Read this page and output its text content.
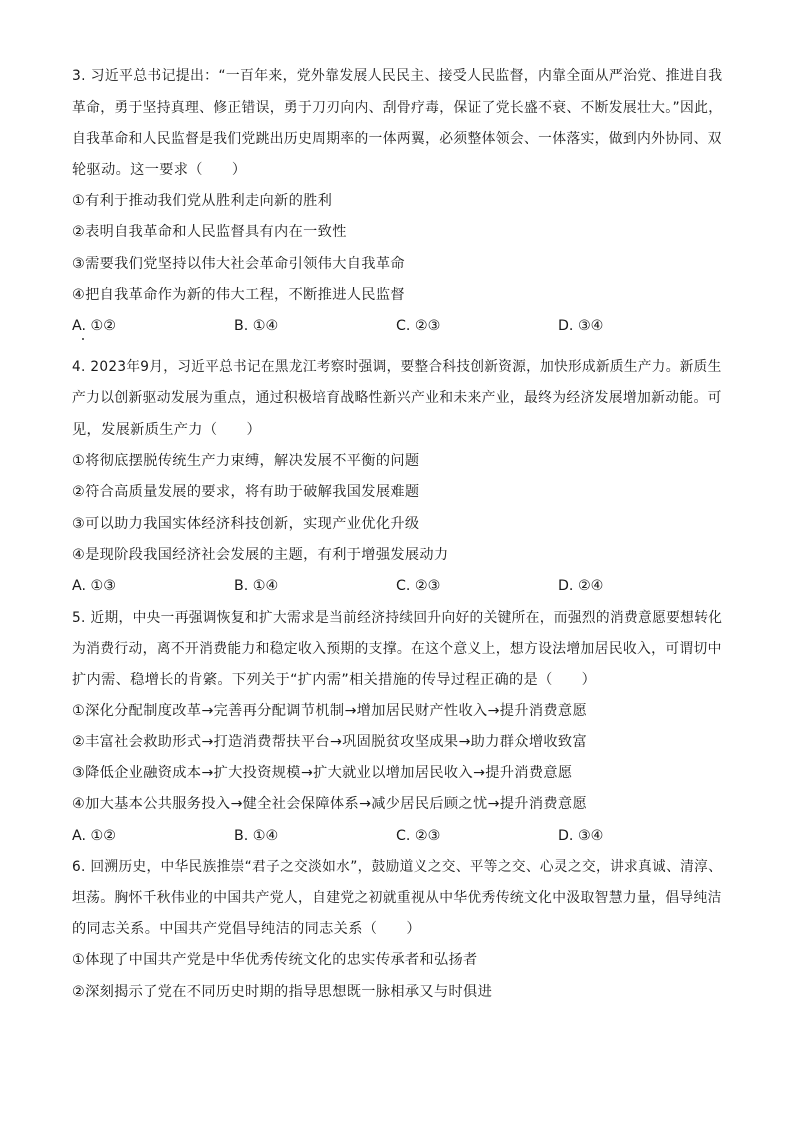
3. 习近平总书记提出：“一百年来，党外靠发展人民民主、接受人民监督，内靠全面从严治党、推进自我
革命，勇于坚持真理、修正错误，勇于刀刃向内、刮骨疗毒，保证了党长盛不衰、不断发展壮大。”因此，
自我革命和人民监督是我们党跳出历史周期率的一体两翼，必须整体领会、一体落实，做到内外协同、双
轮驱动。这一要求（　　）
①有利于推动我们党从胜利走向新的胜利
②表明自我革命和人民监督具有内在一致性
③需要我们党坚持以伟大社会革命引领伟大自我革命
④把自我革命作为新的伟大工程，不断推进人民监督
A. ①②	B. ①④	C. ②③	D. ③④
4. 2023年9月，习近平总书记在黑龙江考察时强调，要整合科技创新资源，加快形成新质生产力。新质生
产力以创新驱动发展为重点，通过积极培育战略性新兴产业和未来产业，最终为经济发展增加新动能。可
见，发展新质生产力（　　）
①将彻底摆脱传统生产力束缚，解决发展不平衡的问题
②符合高质量发展的要求，将有助于破解我国发展难题
③可以助力我国实体经济科技创新，实现产业优化升级
④是现阶段我国经济社会发展的主题，有利于增强发展动力
A. ①③	B. ①④	C. ②③	D. ②④
5. 近期，中央一再强调恢复和扩大需求是当前经济持续回升向好的关键所在，而强烈的消费意愿要想转化
为消费行动，离不开消费能力和稳定收入预期的支撑。在这个意义上，想方设法增加居民收入，可谓切中
扩内需、稳增长的肯綮。下列关于“扩内需”相关措施的传导过程正确的是（　　）
①深化分配制度改革→完善再分配调节机制→增加居民财产性收入→提升消费意愿
②丰富社会救助形式→打造消费帮扶平台→巩固脱贫攻坚成果→助力群众增收致富
③降低企业融资成本→扩大投资规模→扩大就业以增加居民收入→提升消费意愿
④加大基本公共服务投入→健全社会保障体系→减少居民后顾之忧→提升消费意愿
A. ①②	B. ①④	C. ②③	D. ③④
6. 回溯历史，中华民族推崇“君子之交淡如水”，鼓励道义之交、平等之交、心灵之交，讲求真诚、清淳、
坦荡。胸怀千秋伟业的中国共产党人，自建党之初就重视从中华优秀传统文化中汲取智慧力量，倡导纯洁
的同志关系。中国共产党倡导纯洁的同志关系（　　）
①体现了中国共产党是中华优秀传统文化的忠实传承者和弘扬者
②深刻揭示了党在不同历史时期的指导思想既一脉相承又与时俱进
